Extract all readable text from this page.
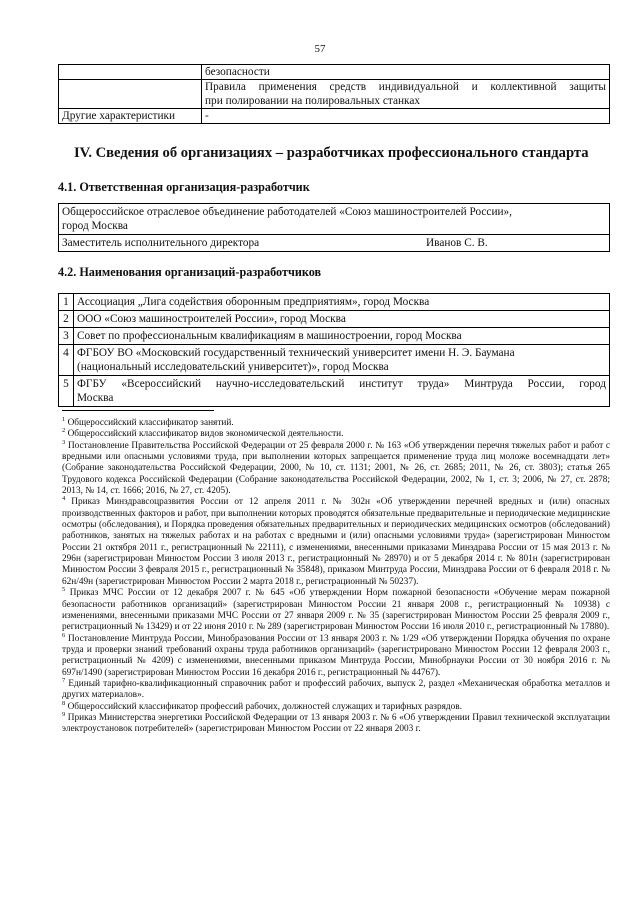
57
	безопасности

	Правила применения средств индивидуальной и коллективной защиты
при полировании на полировальных станках

Другие характеристики	-
IV. Сведения об организациях – разработчиках профессионального стандарта
4.1. Ответственная организация-разработчик
Общероссийское отраслевое объединение работодателей «Союз машиностроителей России»,
город Москва

Заместитель исполнительного директора	Иванов С. В.
4.2. Наименования организаций-разработчиков
1	Ассоциация „Лига содействия оборонным предприятиям», город Москва
2	ООО «Союз машиностроителей России», город Москва
3	Совет по профессиональным квалификациям в машиностроении, город Москва
4	ФГБОУ ВО «Московский государственный технический университет имени Н. Э. Баумана
(национальный исследовательский университет)», город Москва

5	ФГБУ «Всероссийский научно-исследовательский институт труда» Минтруда России, город
Москва

$^1$ Общероссийский классификатор занятий.

$^2$ Общероссийский классификатор видов экономической деятельности.

$^3$ Постановление Правительства Российской Федерации от 25 февраля 2000 г. № 163 «Об утверждении перечня тяжелых работ и работ с вредными или опасными условиями труда, при выполнении которых запрещается применение труда лиц моложе восемнадцати лет» (Собрание законодательства Российской Федерации, 2000, № 10, ст. 1131; 2001, № 26, ст. 2685; 2011, № 26, ст. 3803); статья 265 Трудового кодекса Российской Федерации (Собрание законодательства Российской Федерации, 2002, № 1, ст. 3; 2006, № 27, ст. 2878; 2013, № 14, ст. 1666; 2016, № 27, ст. 4205).

$^4$ Приказ Минздравсоцразвития России от 12 апреля 2011 г. № 302н «Об утверждении перечней вредных и (или) опасных производственных факторов и работ, при выполнении которых проводятся обязательные предварительные и периодические медицинские осмотры (обследования), и Порядка проведения обязательных предварительных и периодических медицинских осмотров (обследований) работников, занятых на тяжелых работах и на работах с вредными и (или) опасными условиями труда» (зарегистрирован Минюстом России 21 октября 2011 г., регистрационный № 22111), с изменениями, внесенными приказами Минздрава России от 15 мая 2013 г. № 296н (зарегистрирован Минюстом России 3 июля 2013 г., регистрационный № 28970) и от 5 декабря 2014 г. № 801н (зарегистрирован Минюстом России 3 февраля 2015 г., регистрационный № 35848), приказом Минтруда России, Минздрава России от 6 февраля 2018 г. № 62н/49н (зарегистрирован Минюстом России 2 марта 2018 г., регистрационный № 50237).

$^5$ Приказ МЧС России от 12 декабря 2007 г. № 645 «Об утверждении Норм пожарной безопасности «Обучение мерам пожарной безопасности работников организаций» (зарегистрирован Минюстом России 21 января 2008 г., регистрационный № 10938) с изменениями, внесенными приказами МЧС России от 27 января 2009 г. № 35 (зарегистрирован Минюстом России 25 февраля 2009 г., регистрационный № 13429) и от 22 июня 2010 г. № 289 (зарегистрирован Минюстом России 16 июля 2010 г., регистрационный № 17880).

$^6$ Постановление Минтруда России, Минобразования России от 13 января 2003 г. № 1/29 «Об утверждении Порядка обучения по охране труда и проверки знаний требований охраны труда работников организаций» (зарегистрировано Минюстом России 12 февраля 2003 г., регистрационный № 4209) с изменениями, внесенными приказом Минтруда России, Минобрнауки России от 30 ноября 2016 г. № 697н/1490 (зарегистрирован Минюстом России 16 декабря 2016 г., регистрационный № 44767).

$^7$ Единый тарифно-квалификационный справочник работ и профессий рабочих, выпуск 2, раздел «Механическая обработка металлов и других материалов».

$^8$ Общероссийский классификатор профессий рабочих, должностей служащих и тарифных разрядов.

$^9$ Приказ Министерства энергетики Российской Федерации от 13 января 2003 г. № 6 «Об утверждении Правил технической эксплуатации электроустановок потребителей» (зарегистрирован Минюстом России от 22 января 2003 г.
